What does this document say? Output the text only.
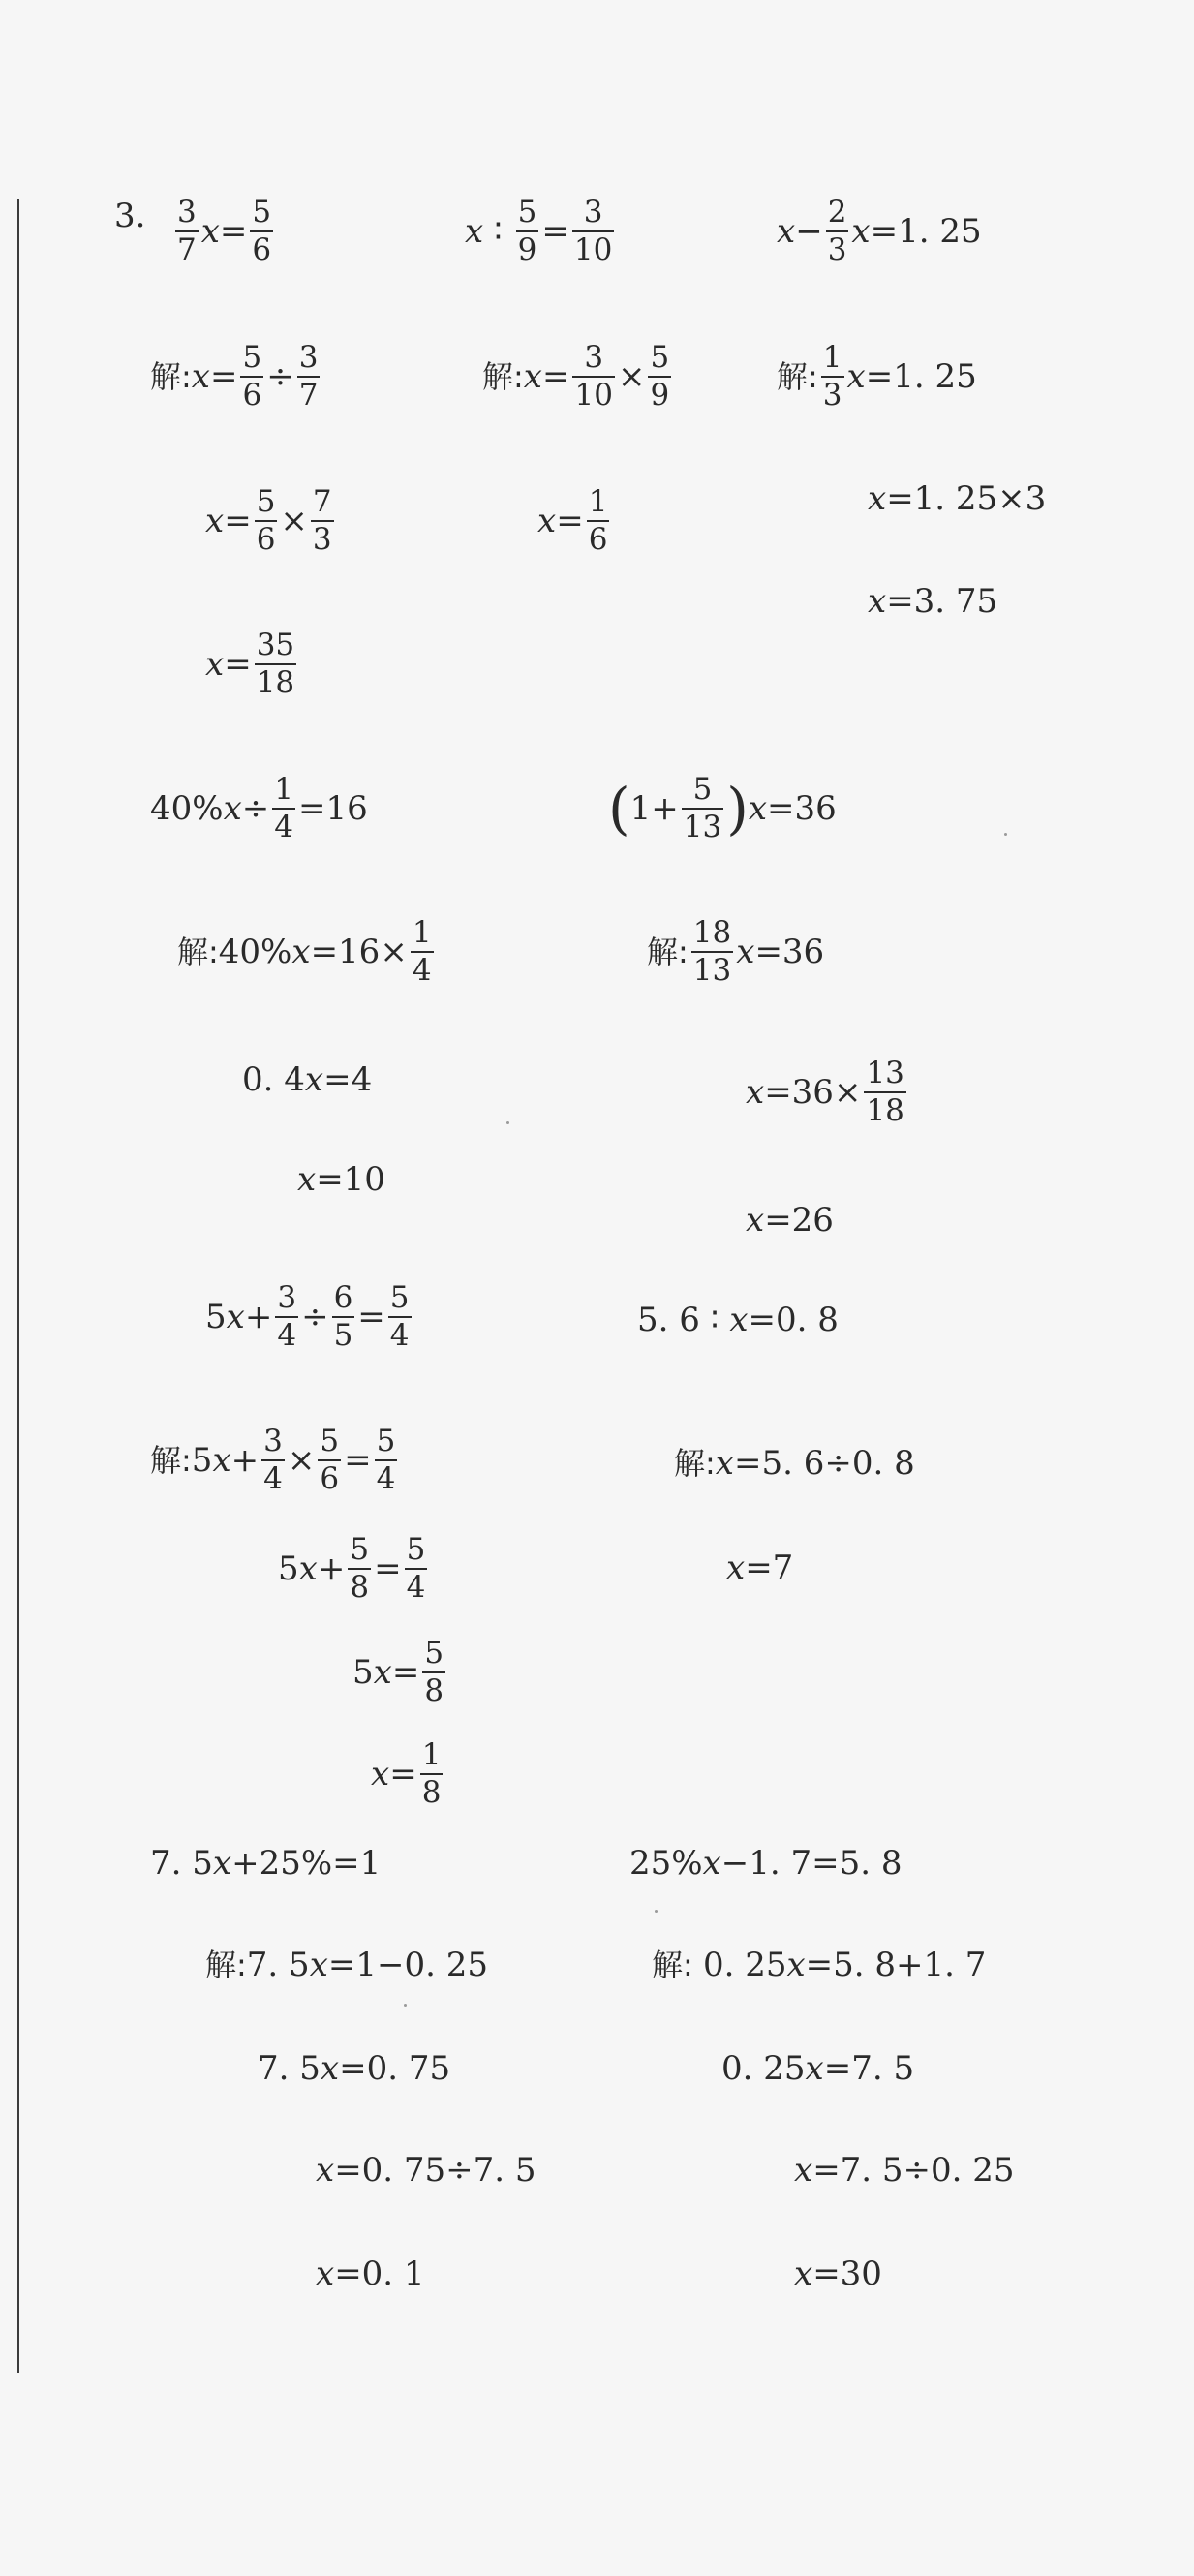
3. $\frac{3}{7}$ $x = \frac{5}{6}$
解: $x = \frac{5}{6} \div \frac{3}{7}$
$x = \frac{5}{6} \times \frac{7}{3}$
$x = \frac{35}{18}$
x ∶ $\frac{5}{9} = \frac{3}{10}$
解: $x = \frac{3}{10} \times \frac{5}{9}$
$x = \frac{1}{6}$
$x - \frac{2}{3}$ x =1. 25
解: $\frac{1}{3}$ x =1. 25
x =1. 25×3
x =3. 75
40% $x \div \frac{1}{4} =16$
解: 40% $x =16\times \frac{1}{4}$
0. 4 x =4
x =10
( $1+ \frac{5}{13}$ ) x =36
解: $\frac{18}{13}$ x =36
$x =36\times \frac{13}{18}$
x =26
5 $x + \frac{3}{4} \div \frac{6}{5} = \frac{5}{4}$
解: 5 $x + \frac{3}{4} \times \frac{5}{6} = \frac{5}{4}$
5 $x + \frac{5}{8} = \frac{5}{4}$
5 $x = \frac{5}{8}$
$x = \frac{1}{8}$
5. 6 ∶ x =0. 8
解: x =5. 6÷0. 8
x =7
7. 5 x +25%=1
解: 7. 5 x =1−0. 25
7. 5 x =0. 75
x =0. 75÷7. 5
x =0. 1
25% x −1. 7=5. 8
解: 0. 25 x =5. 8+1. 7
0. 25 x =7. 5
x =7. 5÷0. 25
x =30
